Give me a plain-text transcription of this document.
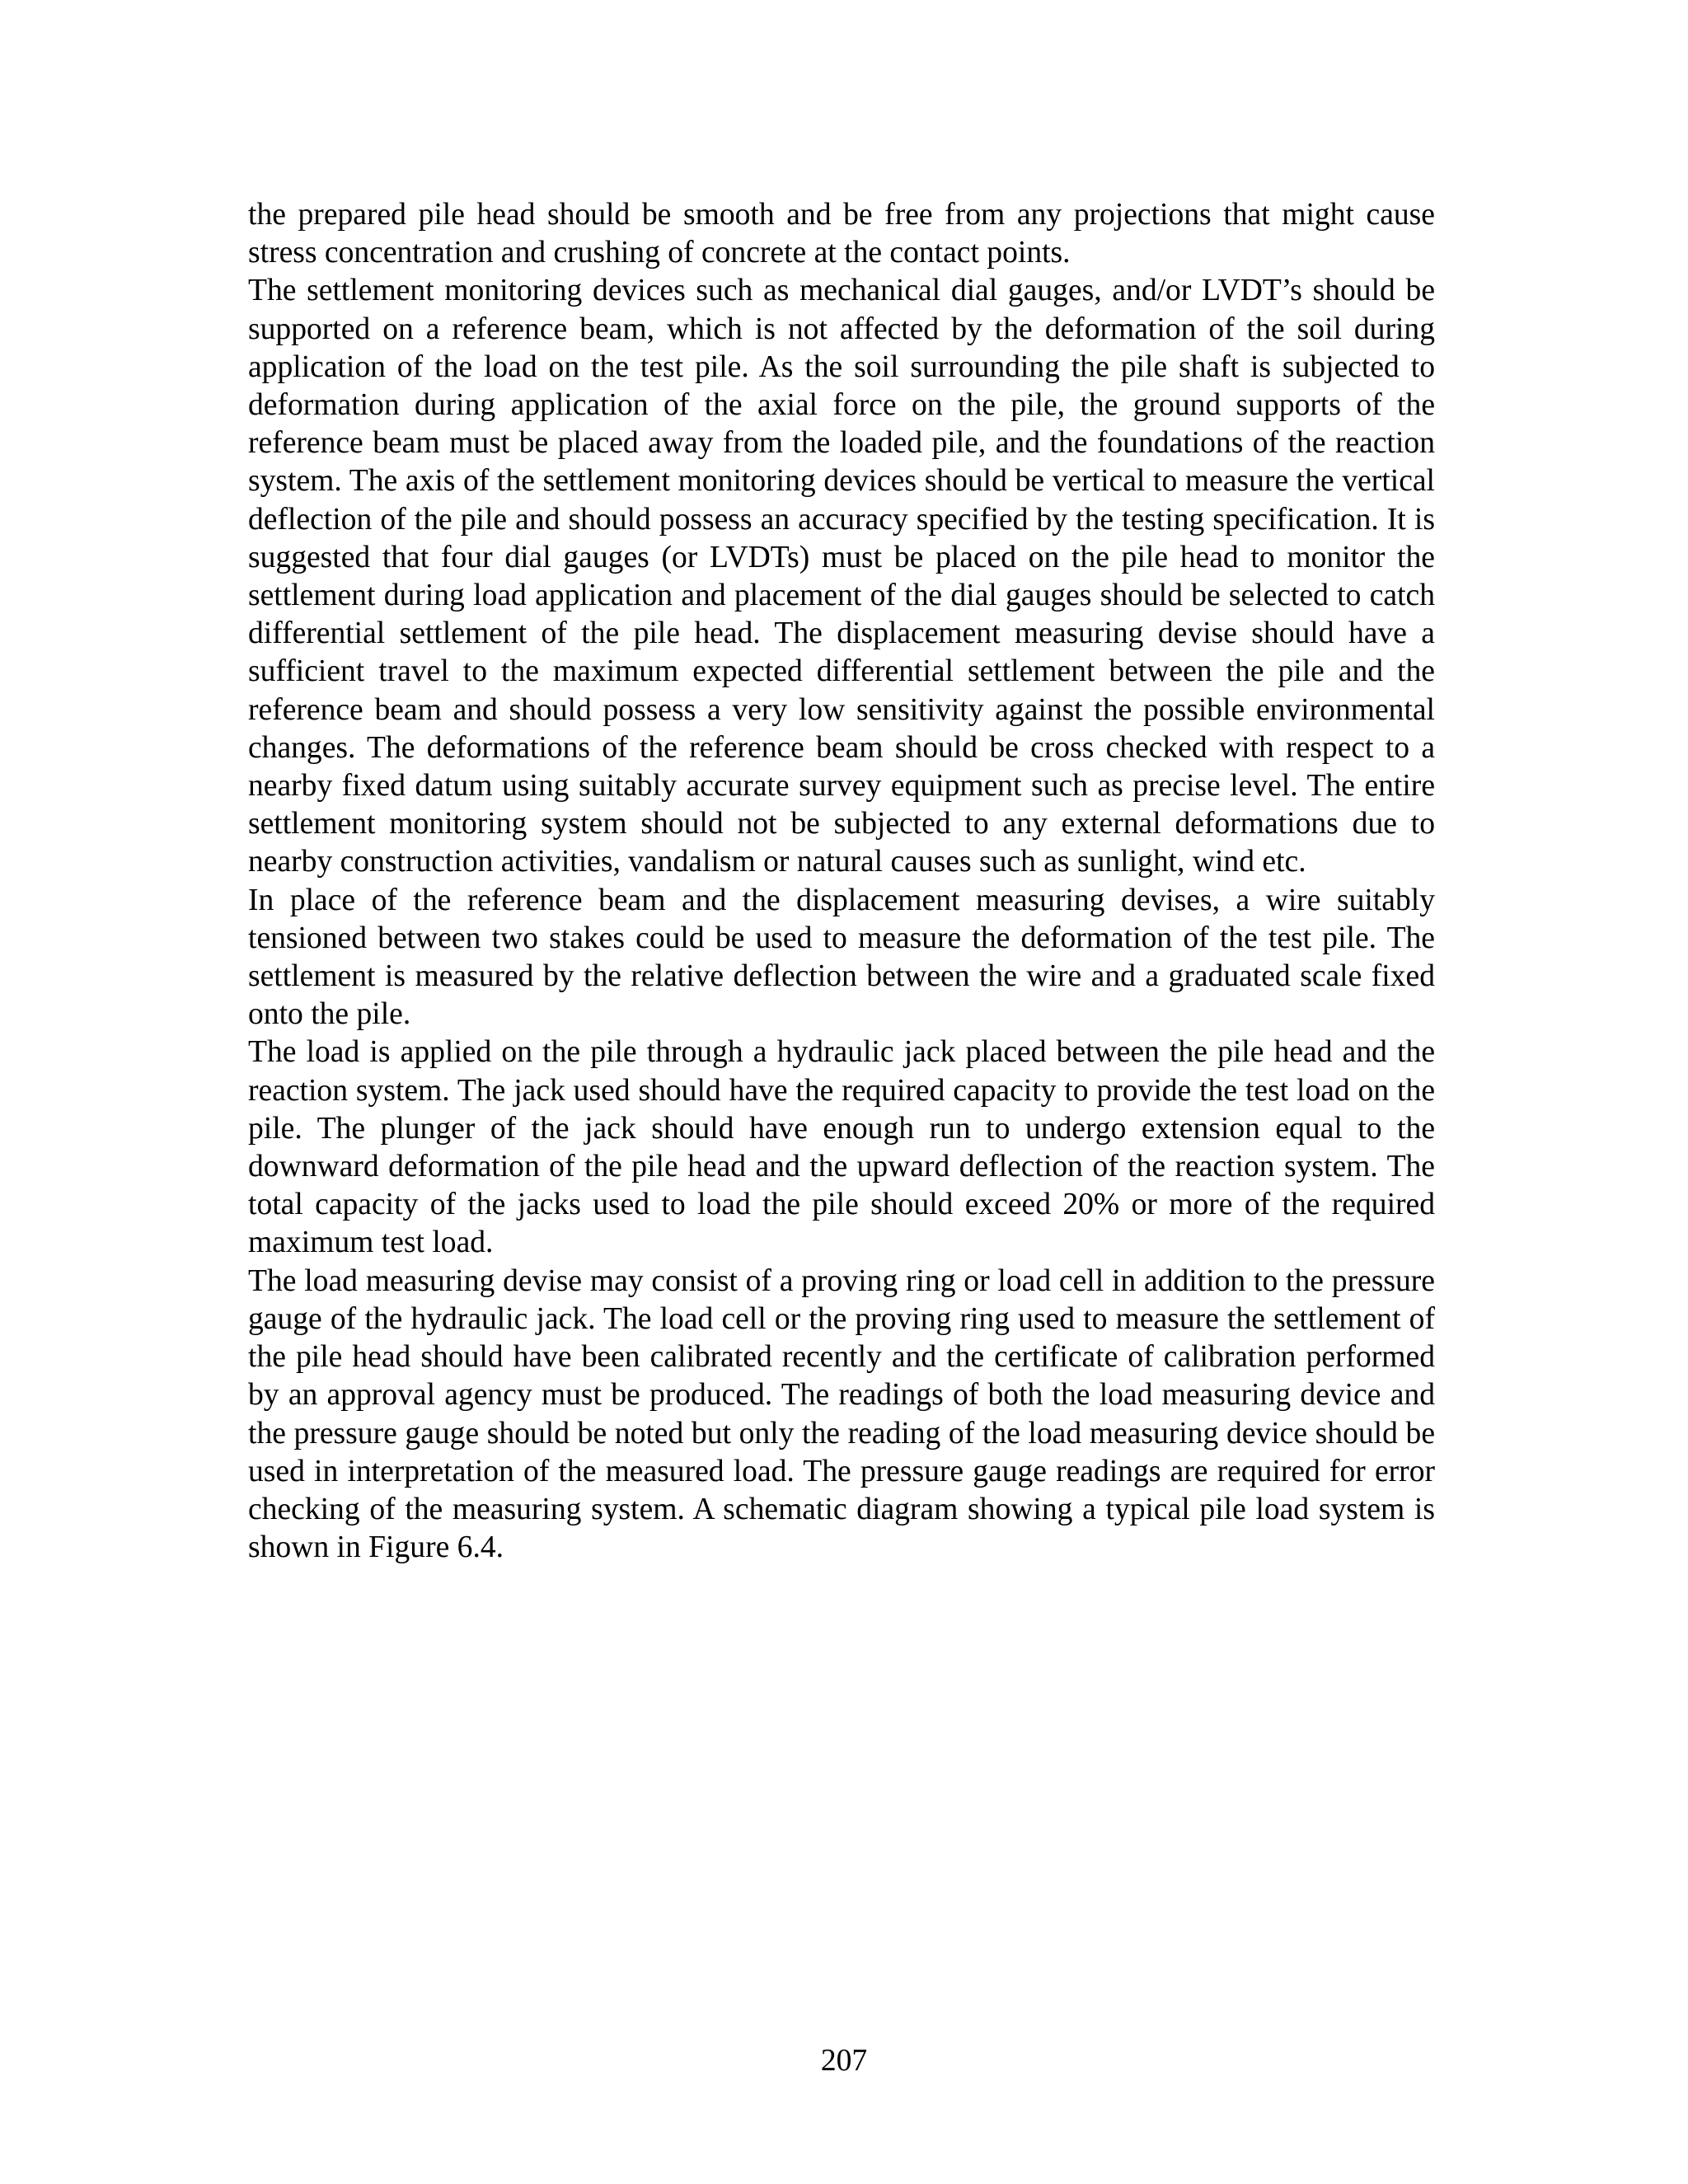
the prepared pile head should be smooth and be free from any projections that might cause stress concentration and crushing of concrete at the contact points.

The settlement monitoring devices such as mechanical dial gauges, and/or LVDT’s should be supported on a reference beam, which is not affected by the deformation of the soil during application of the load on the test pile. As the soil surrounding the pile shaft is subjected to deformation during application of the axial force on the pile, the ground supports of the reference beam must be placed away from the loaded pile, and the foundations of the reaction system. The axis of the settlement monitoring devices should be vertical to measure the vertical deflection of the pile and should possess an accuracy specified by the testing specification. It is suggested that four dial gauges (or LVDTs) must be placed on the pile head to monitor the settlement during load application and placement of the dial gauges should be selected to catch differential settlement of the pile head. The displacement measuring devise should have a sufficient travel to the maximum expected differential settlement between the pile and the reference beam and should possess a very low sensitivity against the possible environmental changes. The deformations of the reference beam should be cross checked with respect to a nearby fixed datum using suitably accurate survey equipment such as precise level. The entire settlement monitoring system should not be subjected to any external deformations due to nearby construction activities, vandalism or natural causes such as sunlight, wind etc.

In place of the reference beam and the displacement measuring devises, a wire suitably tensioned between two stakes could be used to measure the deformation of the test pile. The settlement is measured by the relative deflection between the wire and a graduated scale fixed onto the pile.

The load is applied on the pile through a hydraulic jack placed between the pile head and the reaction system. The jack used should have the required capacity to provide the test load on the pile. The plunger of the jack should have enough run to undergo extension equal to the downward deformation of the pile head and the upward deflection of the reaction system. The total capacity of the jacks used to load the pile should exceed 20% or more of the required maximum test load.

The load measuring devise may consist of a proving ring or load cell in addition to the pressure gauge of the hydraulic jack. The load cell or the proving ring used to measure the settlement of the pile head should have been calibrated recently and the certificate of calibration performed by an approval agency must be produced. The readings of both the load measuring device and the pressure gauge should be noted but only the reading of the load measuring device should be used in interpretation of the measured load. The pressure gauge readings are required for error checking of the measuring system. A schematic diagram showing a typical pile load system is shown in Figure 6.4.

207
